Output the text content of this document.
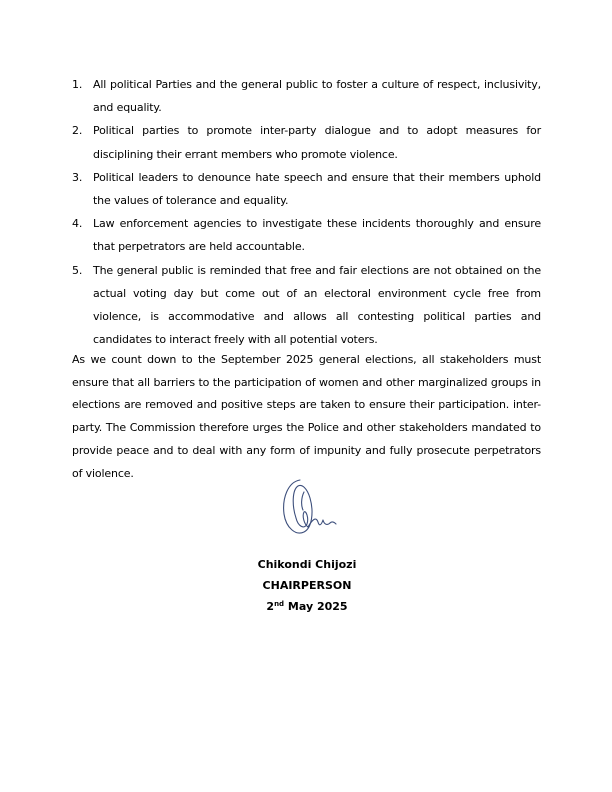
1. All political Parties and the general public to foster a culture of respect, inclusivity, and equality.
2. Political parties to promote inter-party dialogue and to adopt measures for disciplining their errant members who promote violence.
3. Political leaders to denounce hate speech and ensure that their members uphold the values of tolerance and equality.
4. Law enforcement agencies to investigate these incidents thoroughly and ensure that perpetrators are held accountable.
5. The general public is reminded that free and fair elections are not obtained on the actual voting day but come out of an electoral environment cycle free from violence, is accommodative and allows all contesting political parties and candidates to interact freely with all potential voters.

As we count down to the September 2025 general elections, all stakeholders must ensure that all barriers to the participation of women and other marginalized groups in elections are removed and positive steps are taken to ensure their participation. inter-party. The Commission therefore urges the Police and other stakeholders mandated to provide peace and to deal with any form of impunity and fully prosecute perpetrators of violence.

Chikondi Chijozi
CHAIRPERSON
2nd May 2025
